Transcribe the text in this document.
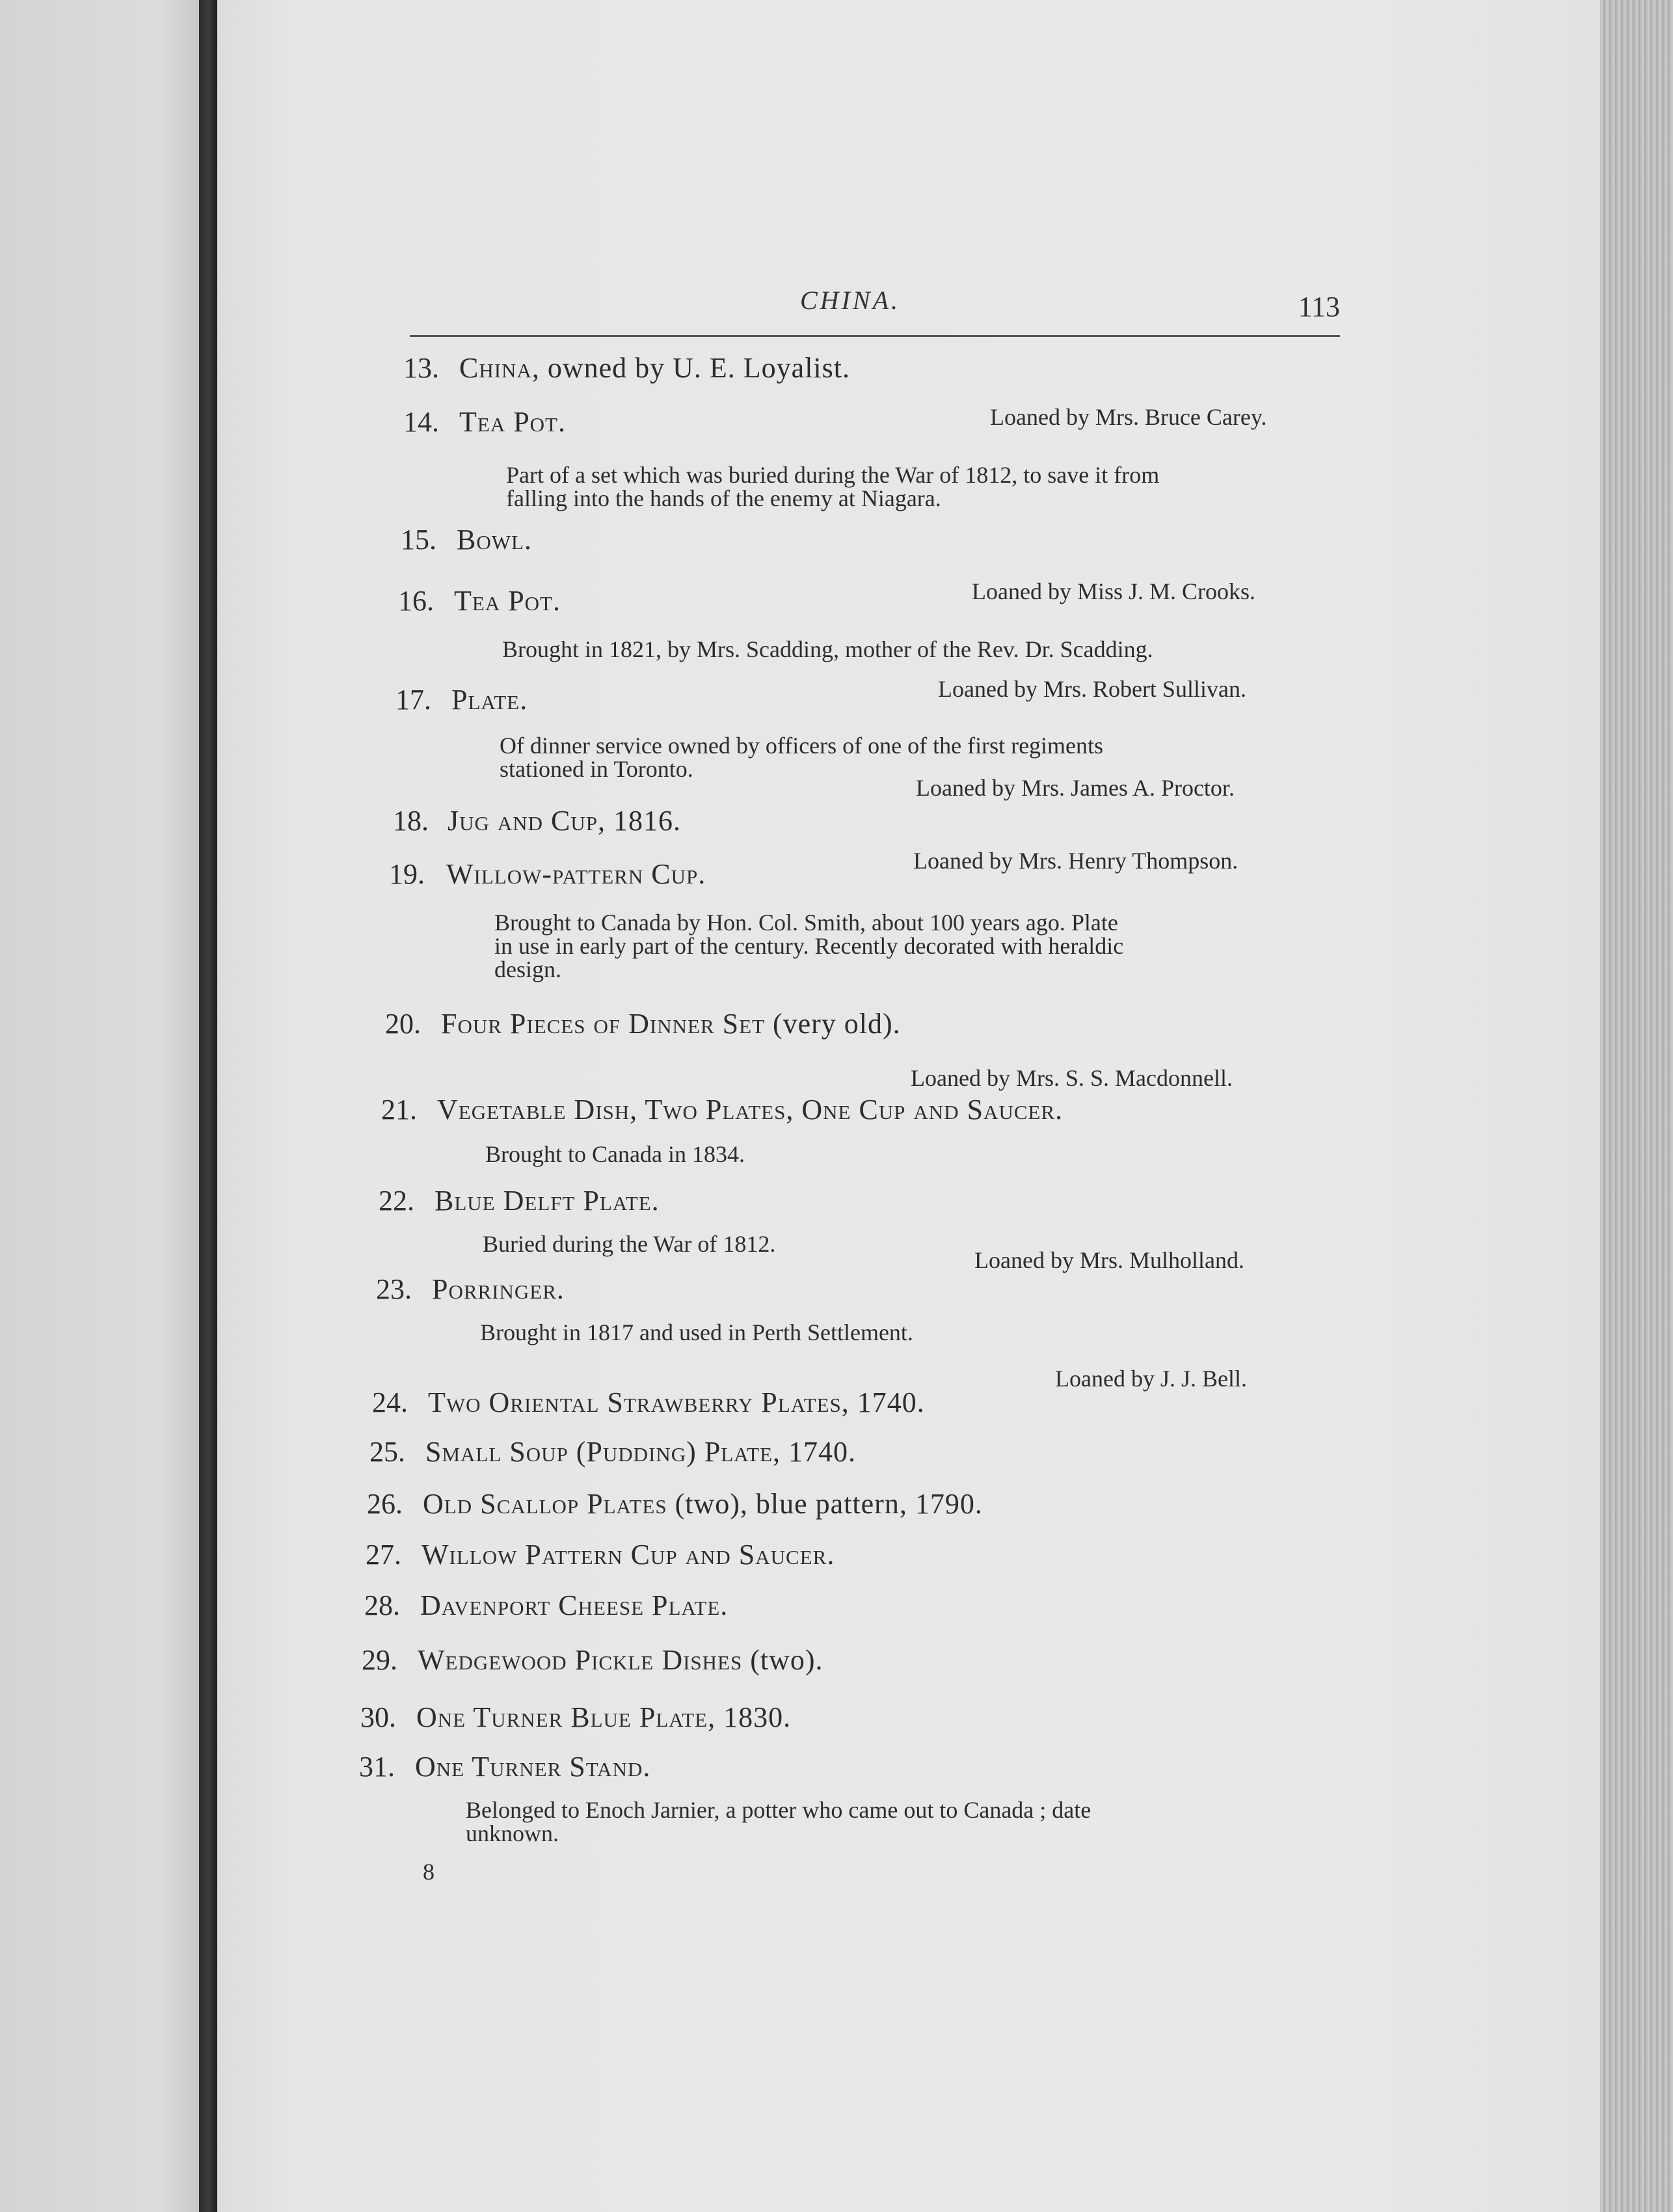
CHINA.	113
13. China, owned by U. E. Loyalist.
14. Tea Pot.	Loaned by Mrs. Bruce Carey.
Part of a set which was buried during the War of 1812, to save it from
falling into the hands of the enemy at Niagara.
15. Bowl.
16. Tea Pot.	Loaned by Miss J. M. Crooks.
Brought in 1821, by Mrs. Scadding, mother of the Rev. Dr. Scadding.
17. Plate.	Loaned by Mrs. Robert Sullivan.
Of dinner service owned by officers of one of the first regiments
stationed in Toronto.
Loaned by Mrs. James A. Proctor.
18. Jug and Cup, 1816.
19. Willow-pattern Cup.	Loaned by Mrs. Henry Thompson.
Brought to Canada by Hon. Col. Smith, about 100 years ago. Plate
in use in early part of the century. Recently decorated with heraldic
design.
20. Four Pieces of Dinner Set (very old).
Loaned by Mrs. S. S. Macdonnell.
21. Vegetable Dish, Two Plates, One Cup and Saucer.
Brought to Canada in 1834.
22. Blue Delft Plate.
Buried during the War of 1812.
Loaned by Mrs. Mulholland.
23. Porringer.
Brought in 1817 and used in Perth Settlement.
Loaned by J. J. Bell.
24. Two Oriental Strawberry Plates, 1740.
25. Small Soup (Pudding) Plate, 1740.
26. Old Scallop Plates (two), blue pattern, 1790.
27. Willow Pattern Cup and Saucer.
28. Davenport Cheese Plate.
29. Wedgewood Pickle Dishes (two).
30. One Turner Blue Plate, 1830.
31. One Turner Stand.
Belonged to Enoch Jarnier, a potter who came out to Canada ; date
unknown.
8
